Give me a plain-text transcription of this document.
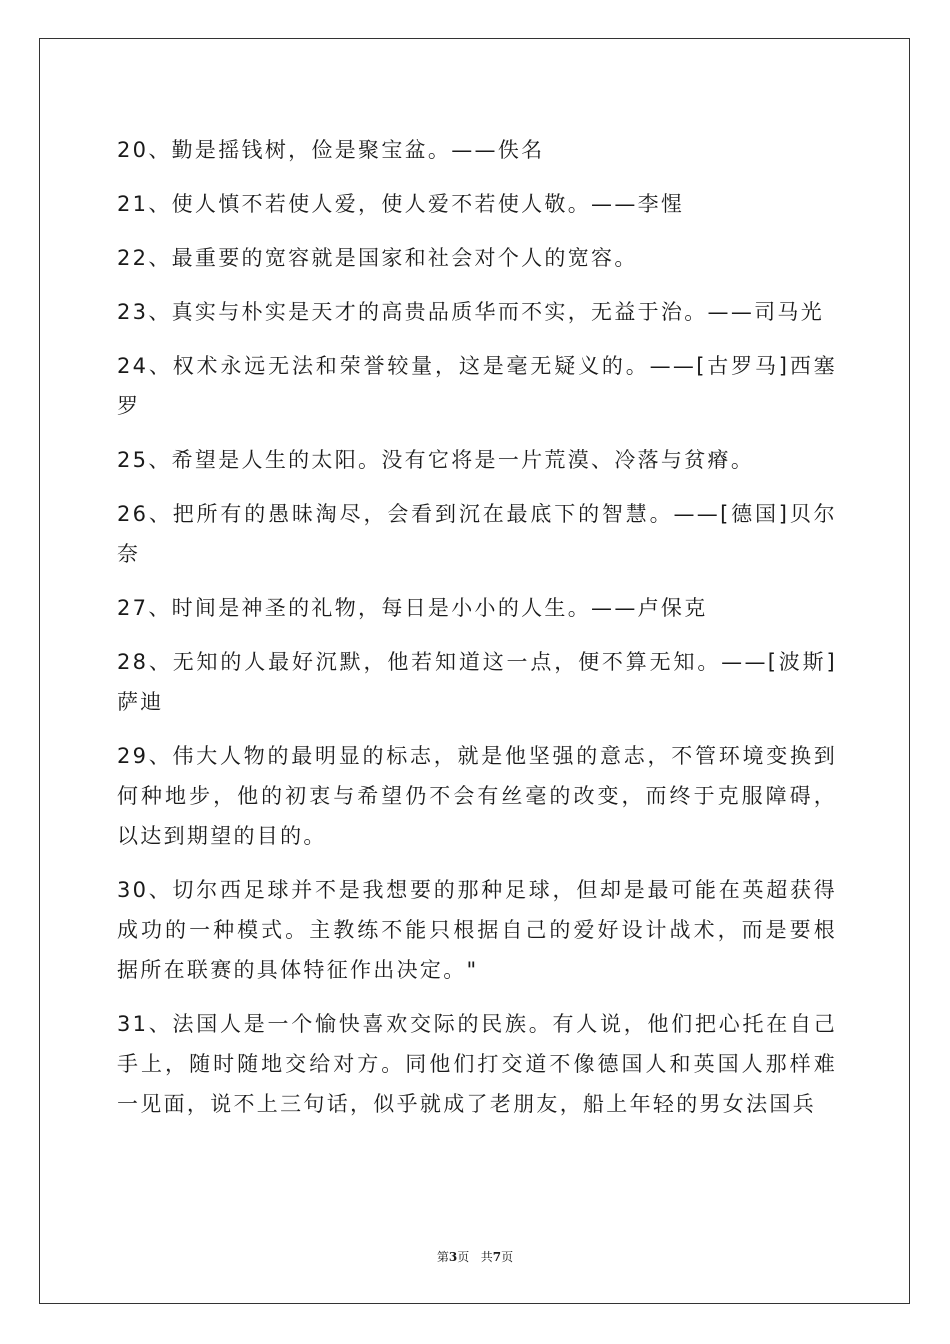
20、勤是摇钱树，俭是聚宝盆。——佚名

21、使人慎不若使人爱，使人爱不若使人敬。——李惺

22、最重要的宽容就是国家和社会对个人的宽容。

23、真实与朴实是天才的高贵品质华而不实，无益于治。——司马光

24、权术永远无法和荣誉较量，这是毫无疑义的。——[古罗马]西塞罗

25、希望是人生的太阳。没有它将是一片荒漠、冷落与贫瘠。

26、把所有的愚昧淘尽，会看到沉在最底下的智慧。——[德国]贝尔奈

27、时间是神圣的礼物，每日是小小的人生。——卢保克

28、无知的人最好沉默，他若知道这一点，便不算无知。——[波斯]萨迪

29、伟大人物的最明显的标志，就是他坚强的意志，不管环境变换到何种地步，他的初衷与希望仍不会有丝毫的改变，而终于克服障碍，以达到期望的目的。

30、切尔西足球并不是我想要的那种足球，但却是最可能在英超获得成功的一种模式。主教练不能只根据自己的爱好设计战术，而是要根据所在联赛的具体特征作出决定。"

31、法国人是一个愉快喜欢交际的民族。有人说，他们把心托在自己手上，随时随地交给对方。同他们打交道不像德国人和英国人那样难一见面，说不上三句话，似乎就成了老朋友，船上年轻的男女法国兵

第3页 共7页
